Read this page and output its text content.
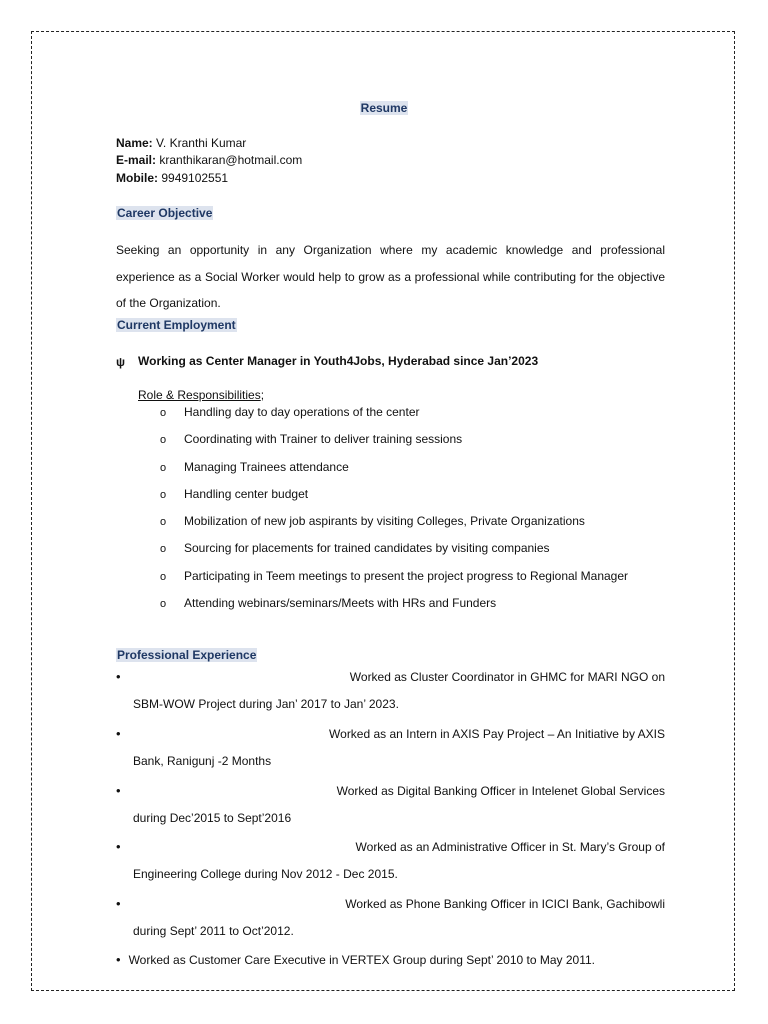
Resume
Name: V. Kranthi Kumar
E-mail: kranthikaran@hotmail.com
Mobile: 9949102551
Career Objective
Seeking an opportunity in any Organization where my academic knowledge and professional experience as a Social Worker would help to grow as a professional while contributing for the objective of the Organization.
Current Employment
ψ Working as Center Manager in Youth4Jobs, Hyderabad since Jan’2023
Role & Responsibilities;
o Handling day to day operations of the center
o Coordinating with Trainer to deliver training sessions
o Managing Trainees attendance
o Handling center budget
o Mobilization of new job aspirants by visiting Colleges, Private Organizations
o Sourcing for placements for trained candidates by visiting companies
o Participating in Teem meetings to present the project progress to Regional Manager
o Attending webinars/seminars/Meets with HRs and Funders
Professional Experience
•	Worked as Cluster Coordinator in GHMC for MARI NGO on
SBM-WOW Project during Jan’ 2017 to Jan’ 2023.
•	Worked as an Intern in AXIS Pay Project – An Initiative by AXIS
Bank, Ranigunj -2 Months
•	Worked as Digital Banking Officer in Intelenet Global Services
during Dec’2015 to Sept’2016
•	Worked as an Administrative Officer in St. Mary’s Group of
Engineering College during Nov 2012 - Dec 2015.
•	Worked as Phone Banking Officer in ICICI Bank, Gachibowli
during Sept’ 2011 to Oct’2012.
• Worked as Customer Care Executive in VERTEX Group during Sept’ 2010 to May 2011.
